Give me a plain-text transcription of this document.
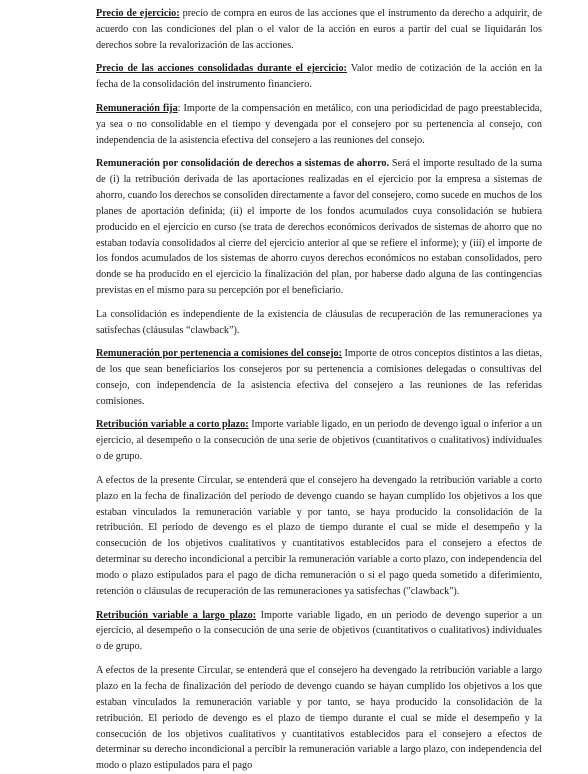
Precio de ejercicio: precio de compra en euros de las acciones que el instrumento da derecho a adquirir, de acuerdo con las condiciones del plan o el valor de la acción en euros a partir del cual se liquidarán los derechos sobre la revalorización de las acciones.

Precio de las acciones consolidadas durante el ejercicio: Valor medio de cotización de la acción en la fecha de la consolidación del instrumento financiero.

Remuneración fija: Importe de la compensación en metálico, con una periodicidad de pago preestablecida, ya sea o no consolidable en el tiempo y devengada por el consejero por su pertenencia al consejo, con independencia de la asistencia efectiva del consejero a las reuniones del consejo.

Remuneración por consolidación de derechos a sistemas de ahorro. Será el importe resultado de la suma de (i) la retribución derivada de las aportaciones realizadas en el ejercicio por la empresa a sistemas de ahorro, cuando los derechos se consoliden directamente a favor del consejero, como sucede en muchos de los planes de aportación definida; (ii) el importe de los fondos acumulados cuya consolidación se hubiera producido en el ejercicio en curso (se trata de derechos económicos derivados de sistemas de ahorro que no estaban todavía consolidados al cierre del ejercicio anterior al que se refiere el informe); y (iii) el importe de los fondos acumulados de los sistemas de ahorro cuyos derechos económicos no estaban consolidados, pero donde se ha producido en el ejercicio la finalización del plan, por haberse dado alguna de las contingencias previstas en el mismo para su percepción por el beneficiario.

La consolidación es independiente de la existencia de cláusulas de recuperación de las remuneraciones ya satisfechas (cláusulas “clawback”).

Remuneración por pertenencia a comisiones del consejo: Importe de otros conceptos distintos a las dietas, de los que sean beneficiarios los consejeros por su pertenencia a comisiones delegadas o consultivas del consejo, con independencia de la asistencia efectiva del consejero a las reuniones de las referidas comisiones.

Retribución variable a corto plazo: Importe variable ligado, en un periodo de devengo igual o inferior a un ejercicio, al desempeño o la consecución de una serie de objetivos (cuantitativos o cualitativos) individuales o de grupo.

A efectos de la presente Circular, se entenderá que el consejero ha devengado la retribución variable a corto plazo en la fecha de finalización del período de devengo cuando se hayan cumplido los objetivos a los que estaban vinculados la remuneración variable y por tanto, se haya producido la consolidación de la retribución. El periodo de devengo es el plazo de tiempo durante el cual se mide el desempeño y la consecución de los objetivos cualitativos y cuantitativos establecidos para el consejero a efectos de determinar su derecho incondicional a percibir la remuneración variable a corto plazo, con independencia del modo o plazo estipulados para el pago de dicha remuneración o si el pago queda sometido a diferimiento, retención o cláusulas de recuperación de las remuneraciones ya satisfechas ("clawback").

Retribución variable a largo plazo: Importe variable ligado, en un periodo de devengo superior a un ejercicio, al desempeño o la consecución de una serie de objetivos (cuantitativos o cualitativos) individuales o de grupo.

A efectos de la presente Circular, se entenderá que el consejero ha devengado la retribución variable a largo plazo en la fecha de finalización del período de devengo cuando se hayan cumplido los objetivos a los que estaban vinculados la remuneración variable y por tanto, se haya producido la consolidación de la retribución. El periodo de devengo es el plazo de tiempo durante el cual se mide el desempeño y la consecución de los objetivos cualitativos y cuantitativos establecidos para el consejero a efectos de determinar su derecho incondicional a percibir la remuneración variable a largo plazo, con independencia del modo o plazo estipulados para el pago
